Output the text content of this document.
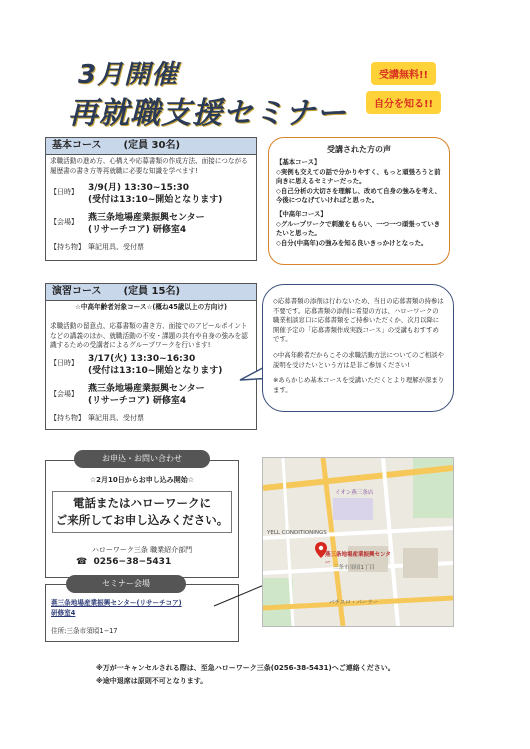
3月開催
再就職支援セミナー
受講無料!!
自分を知る!!
基本コース (定員 30名)
求職活動の進め方、心構えや応募書類の作成方法、面接につながる履歴書の書き方等再就職に必要な知識を学べます!
【日時】 3/9(月) 13:30~15:30
(受付は13:10~開始となります)
【会場】 燕三条地場産業振興センター
(リサーチコア) 研修室4
【持ち物】 筆記用具、受付票
受講された方の声
【基本コース】
◇実例も交えての話で分かりやすく、もっと頑張ろうと前向きに思えるセミナーだった。
◇自己分析の大切さを理解し、改めて自身の強みを考え、今後につなげていければと思った。
【中高年コース】
◇グループワークで刺激をもらい、一つ一つ頑張っていきたいと思った。
◇自分(中高年)の強みを知る良いきっかけとなった。
演習コース (定員 15名)
☆中高年齢者対象コース☆(概ね45歳以上の方向け)
求職活動の留意点、応募書類の書き方、面接でのアピールポイントなどの講義のほか、就職活動の不安・課題の共有や自身の強みを認識するための受講者によるグループワークを行います!
【日時】 3/17(火) 13:30~16:30
(受付は13:10~開始となります)
【会場】 燕三条地場産業振興センター
(リサーチコア) 研修室4
【持ち物】 筆記用具、受付票
◇応募書類の添削は行わないため、当日の応募書類の持参は不要です。応募書類の添削に希望の方は、ハローワークの職業相談窓口に応募書類をご持参いただくか、次月以降に開催予定の「応募書類作成実践コース」の受講もおすすめです。
◇中高年齢者だからこその求職活動方法についてのご相談や説明を受けたいという方は是非ご参加ください!
※あらかじめ基本コースを受講いただくとより理解が深まります。
お申込・お問い合わせ
☆2月10日からお申し込み開始☆
電話またはハローワークに
ご来所してお申し込みください。
ハローワーク三条 職業紹介部門
☎ 0256−38−5431
セミナー会場
燕三条地場産業振興センター(リサーチコア)
研修室4
住所:三条市須頃1−17
イオン燕三条店
YELL CONDITIONINGS
燕三条地場産業振興センター
三条市須頃1丁目
パチスロ・パーラー
※万が一キャンセルされる際は、至急ハローワーク三条(0256-38-5431)へご連絡ください。
※途中退席は原則不可となります。
